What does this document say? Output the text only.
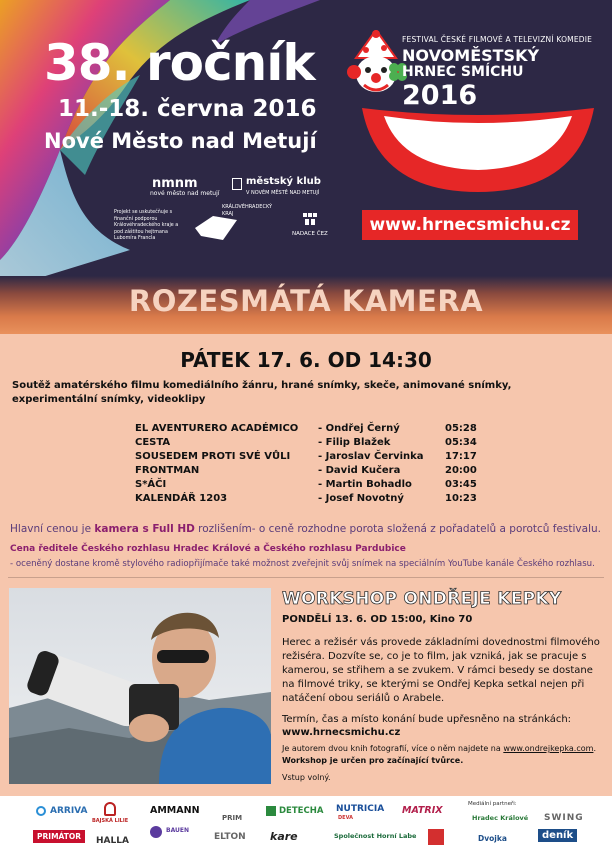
38. ročník
11.-18. června 2016
Nové Město nad Metují
FESTIVAL ČESKÉ FILMOVÉ A TELEVIZNÍ KOMEDIE
NOVOMĚSTSKÝ
HRNEC SMÍCHU
2016
nmnm
nové město nad metují
městský klub
V NOVÉM MĚSTĚ NAD METUJÍ
Projekt se uskutečňuje s finanční podporou Královéhradeckého kraje a pod záštitou hejtmana Lubomíra Francla
KRÁLOVÉHRADECKÝ KRAJ
NADACE ČEZ	www.hrnecsmichu.cz
ROZESMÁTÁ KAMERA
PÁTEK 17. 6. OD 14:30
Soutěž amatérského filmu komediálního žánru, hrané snímky, skeče, animované snímky, experimentální snímky, videoklipy
EL AVENTURERO ACADÉMICO - Ondřej Černý	05:28
CESTA	- Filip Blažek	05:34
SOUSEDEM PROTI SVÉ VŮLI	- Jaroslav Červinka 17:17
FRONTMAN	- David Kučera	20:00
S*ÁČI	- Martin Bohadlo	03:45
KALENDÁŘ 1203	- Josef Novotný	10:23
Hlavní cenou je kamera s Full HD rozlišením- o ceně rozhodne porota složená z pořadatelů a porotců festivalu.
Cena ředitele Českého rozhlasu Hradec Králové a Českého rozhlasu Pardubice
- oceněný dostane kromě stylového radiopřijímače také možnost zveřejnit svůj snímek na speciálním YouTube kanále Českého rozhlasu.
WORKSHOP ONDŘEJE KEPKY
PONDĚLÍ 13. 6. OD 15:00, Kino 70
Herec a režisér vás provede základními dovednostmi filmového režiséra. Dozvíte se, co je to film, jak vzniká, jak se pracuje s kamerou, se střihem a se zvukem. V rámci besedy se dostane na filmové triky, se kterými se Ondřej Kepka setkal nejen při natáčení obou seriálů o Arabele.
Termín, čas a místo konání bude upřesněno na stránkách:
www.hrnecsmichu.cz
Je autorem dvou knih fotografií, více o něm najdete na www.ondrejkepka.com.
Workshop je určen pro začínající tvůrce.
Vstup volný.
ARRIVA
PRIMÁTOR
BAJSKÁ LILIE
HALLA
AMMANN
BAUEN
PRIM
ELTON
DETECHA
kare
NUTRICIA
DEVA
Společnost Horní Labe
MATRIX
Mediální partneři:
Hradec Králové
Dvojka
SWING
deník
